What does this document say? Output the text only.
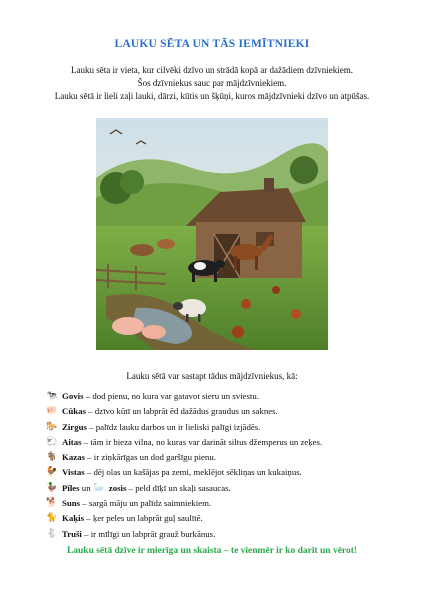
LAUKU SĒTA UN TĀS IEMĪTNIEKI
Lauku sēta ir vieta, kur cilvēki dzīvo un strādā kopā ar dažādiem dzīvniekiem.
Šos dzīvniekus sauc par mājdzīvniekiem.
Lauku sētā ir lieli zaļi lauki, dārzi, kūtis un šķūņi, kuros mājdzīvnieki dzīvo un atpūšas.
Lauku sētā var sastapt tādus mājdzīvniekus, kā:
🐄 Govis – dod pienu, no kura var gatavot sieru un sviestu.
🐖 Cūkas – dzīvo kūtī un labprāt ēd dažādus graudus un saknes.
🐎 Zirgus – palīdz lauku darbos un ir lieliski palīgi izjādēs.
🐑 Aitas – tām ir bieza vilna, no kuras var darināt siltus džemperus un zeķes.
🐐 Kazas – ir ziņkārīgas un dod garšīgu pienu.
🐓 Vistas – dēj olas un kašājas pa zemi, meklējot sēkliņas un kukaiņus.
🦆 Pīles un 🦢 zosis – peld dīķī un skaļi sasaucas.
🐕 Suns – sargā māju un palīdz saimniekiem.
🐈 Kaķis – ķer peles un labprāt guļ saulītē.
🐇 Truši – ir mīlīgi un labprāt grauž burkānus.
Lauku sētā dzīve ir mierīga un skaista – te vienmēr ir ko darīt un vērot!
